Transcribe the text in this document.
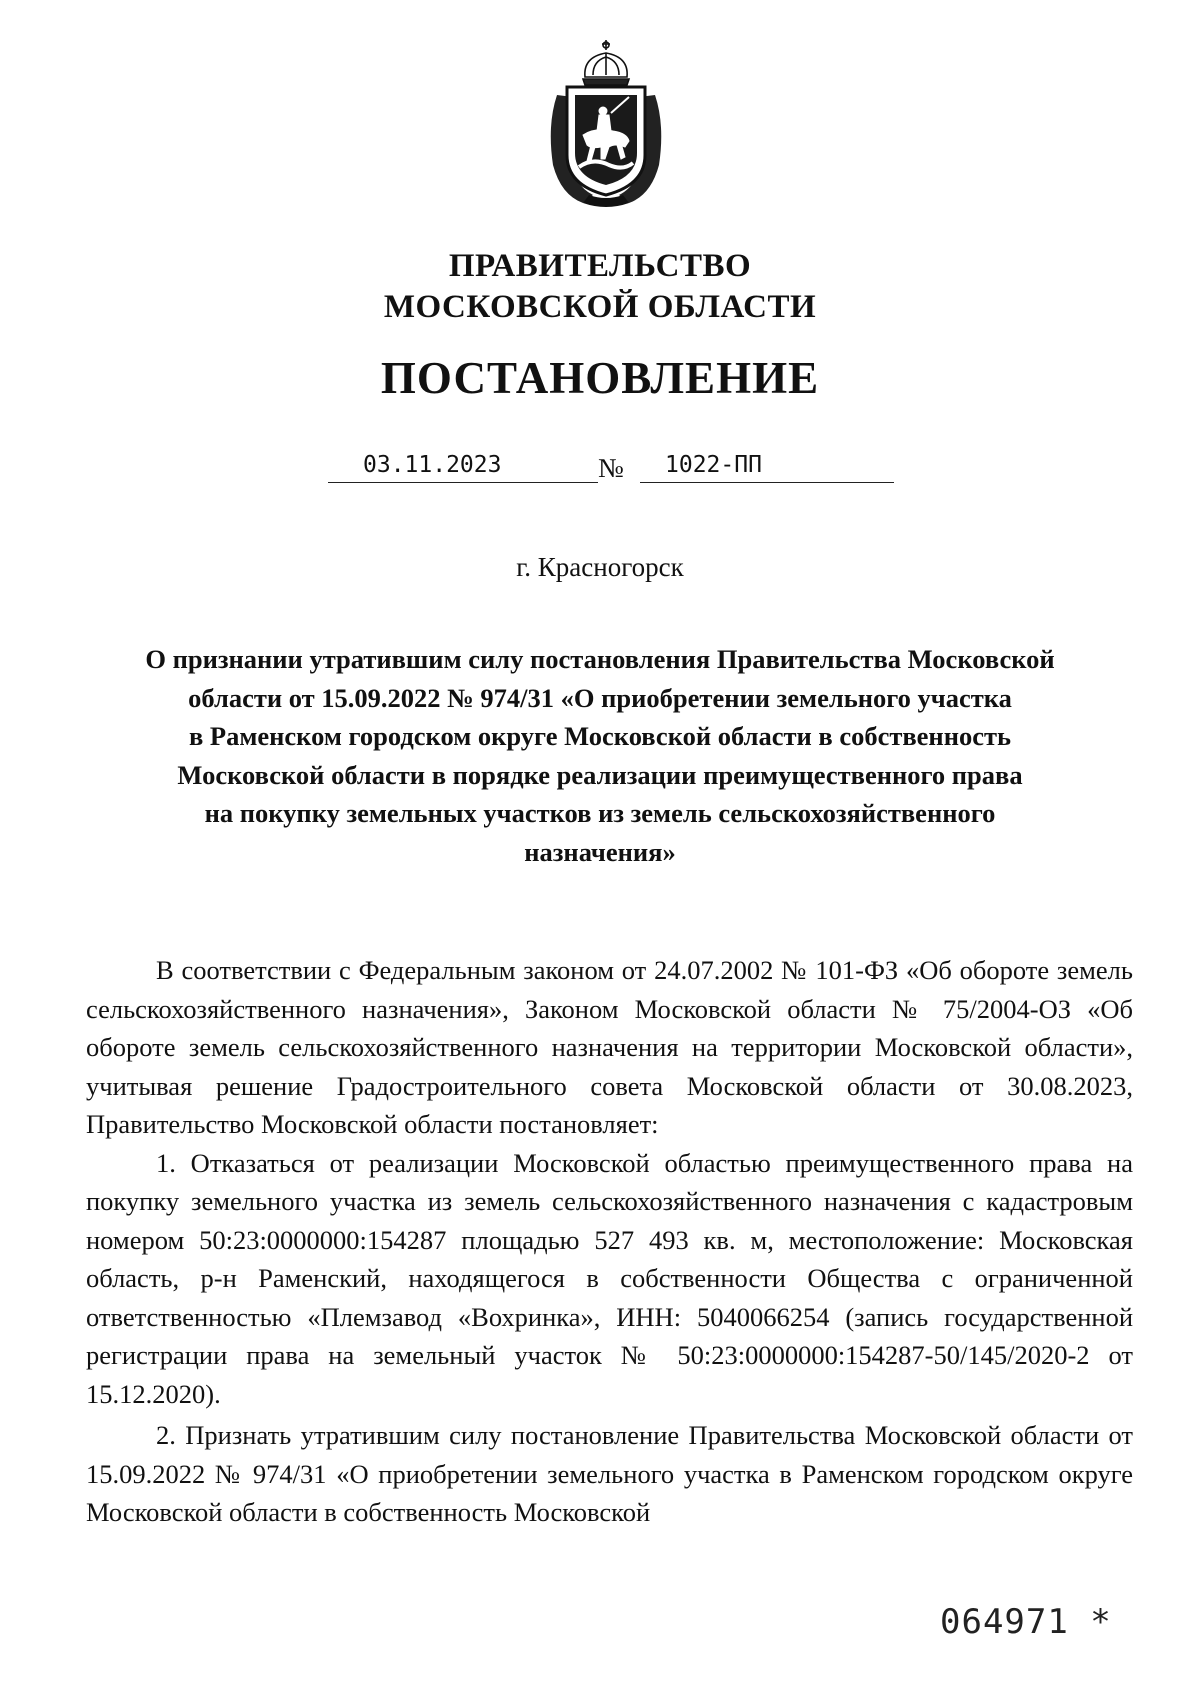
ПРАВИТЕЛЬСТВО
МОСКОВСКОЙ ОБЛАСТИ
ПОСТАНОВЛЕНИЕ
03.11.2023	№ 1022-ПП
г. Красногорск
О признании утратившим силу постановления Правительства Московской
области от 15.09.2022 № 974/31 «О приобретении земельного участка
в Раменском городском округе Московской области в собственность
Московской области в порядке реализации преимущественного права
на покупку земельных участков из земель сельскохозяйственного
назначения»

В соответствии с Федеральным законом от 24.07.2002 № 101-ФЗ «Об обороте земель сельскохозяйственного назначения», Законом Московской области № 75/2004-ОЗ «Об обороте земель сельскохозяйственного назначения на территории Московской области», учитывая решение Градостроительного совета Московской области от 30.08.2023, Правительство Московской области постановляет:

1. Отказаться от реализации Московской областью преимущественного права на покупку земельного участка из земель сельскохозяйственного назначения с кадастровым номером 50:23:0000000:154287 площадью 527 493 кв. м, местоположение: Московская область, р-н Раменский, находящегося в собственности Общества с ограниченной ответственностью «Племзавод «Вохринка», ИНН: 5040066254 (запись государственной регистрации права на земельный участок № 50:23:0000000:154287-50/145/2020-2 от 15.12.2020).

2. Признать утратившим силу постановление Правительства Московской области от 15.09.2022 № 974/31 «О приобретении земельного участка в Раменском городском округе Московской области в собственность Московской

064971 *
